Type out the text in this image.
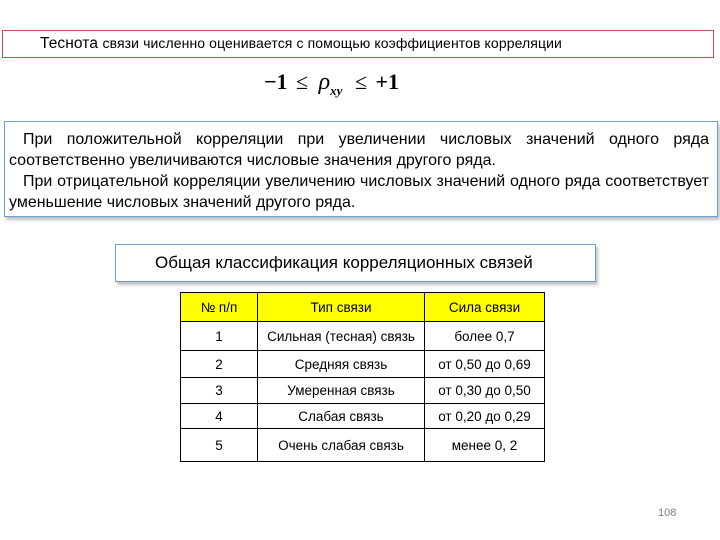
Теснота связи численно оценивается с помощью коэффициентов корреляции
$-1 \le \rho_{xy} \le +1$

При положительной корреляции при увеличении числовых значений одного ряда соответственно увеличиваются числовые значения другого ряда.

При отрицательной корреляции увеличению числовых значений одного ряда соответствует уменьшение числовых значений другого ряда.

Общая классификация корреляционных связей
№ п/п	Тип связи	Сила связи
1	Сильная (тесная) связь	более 0,7
2	Средняя связь	от 0,50 до 0,69
3	Умеренная связь	от 0,30 до 0,50
4	Слабая связь	от 0,20 до 0,29
5	Очень слабая связь	менее 0, 2
108
